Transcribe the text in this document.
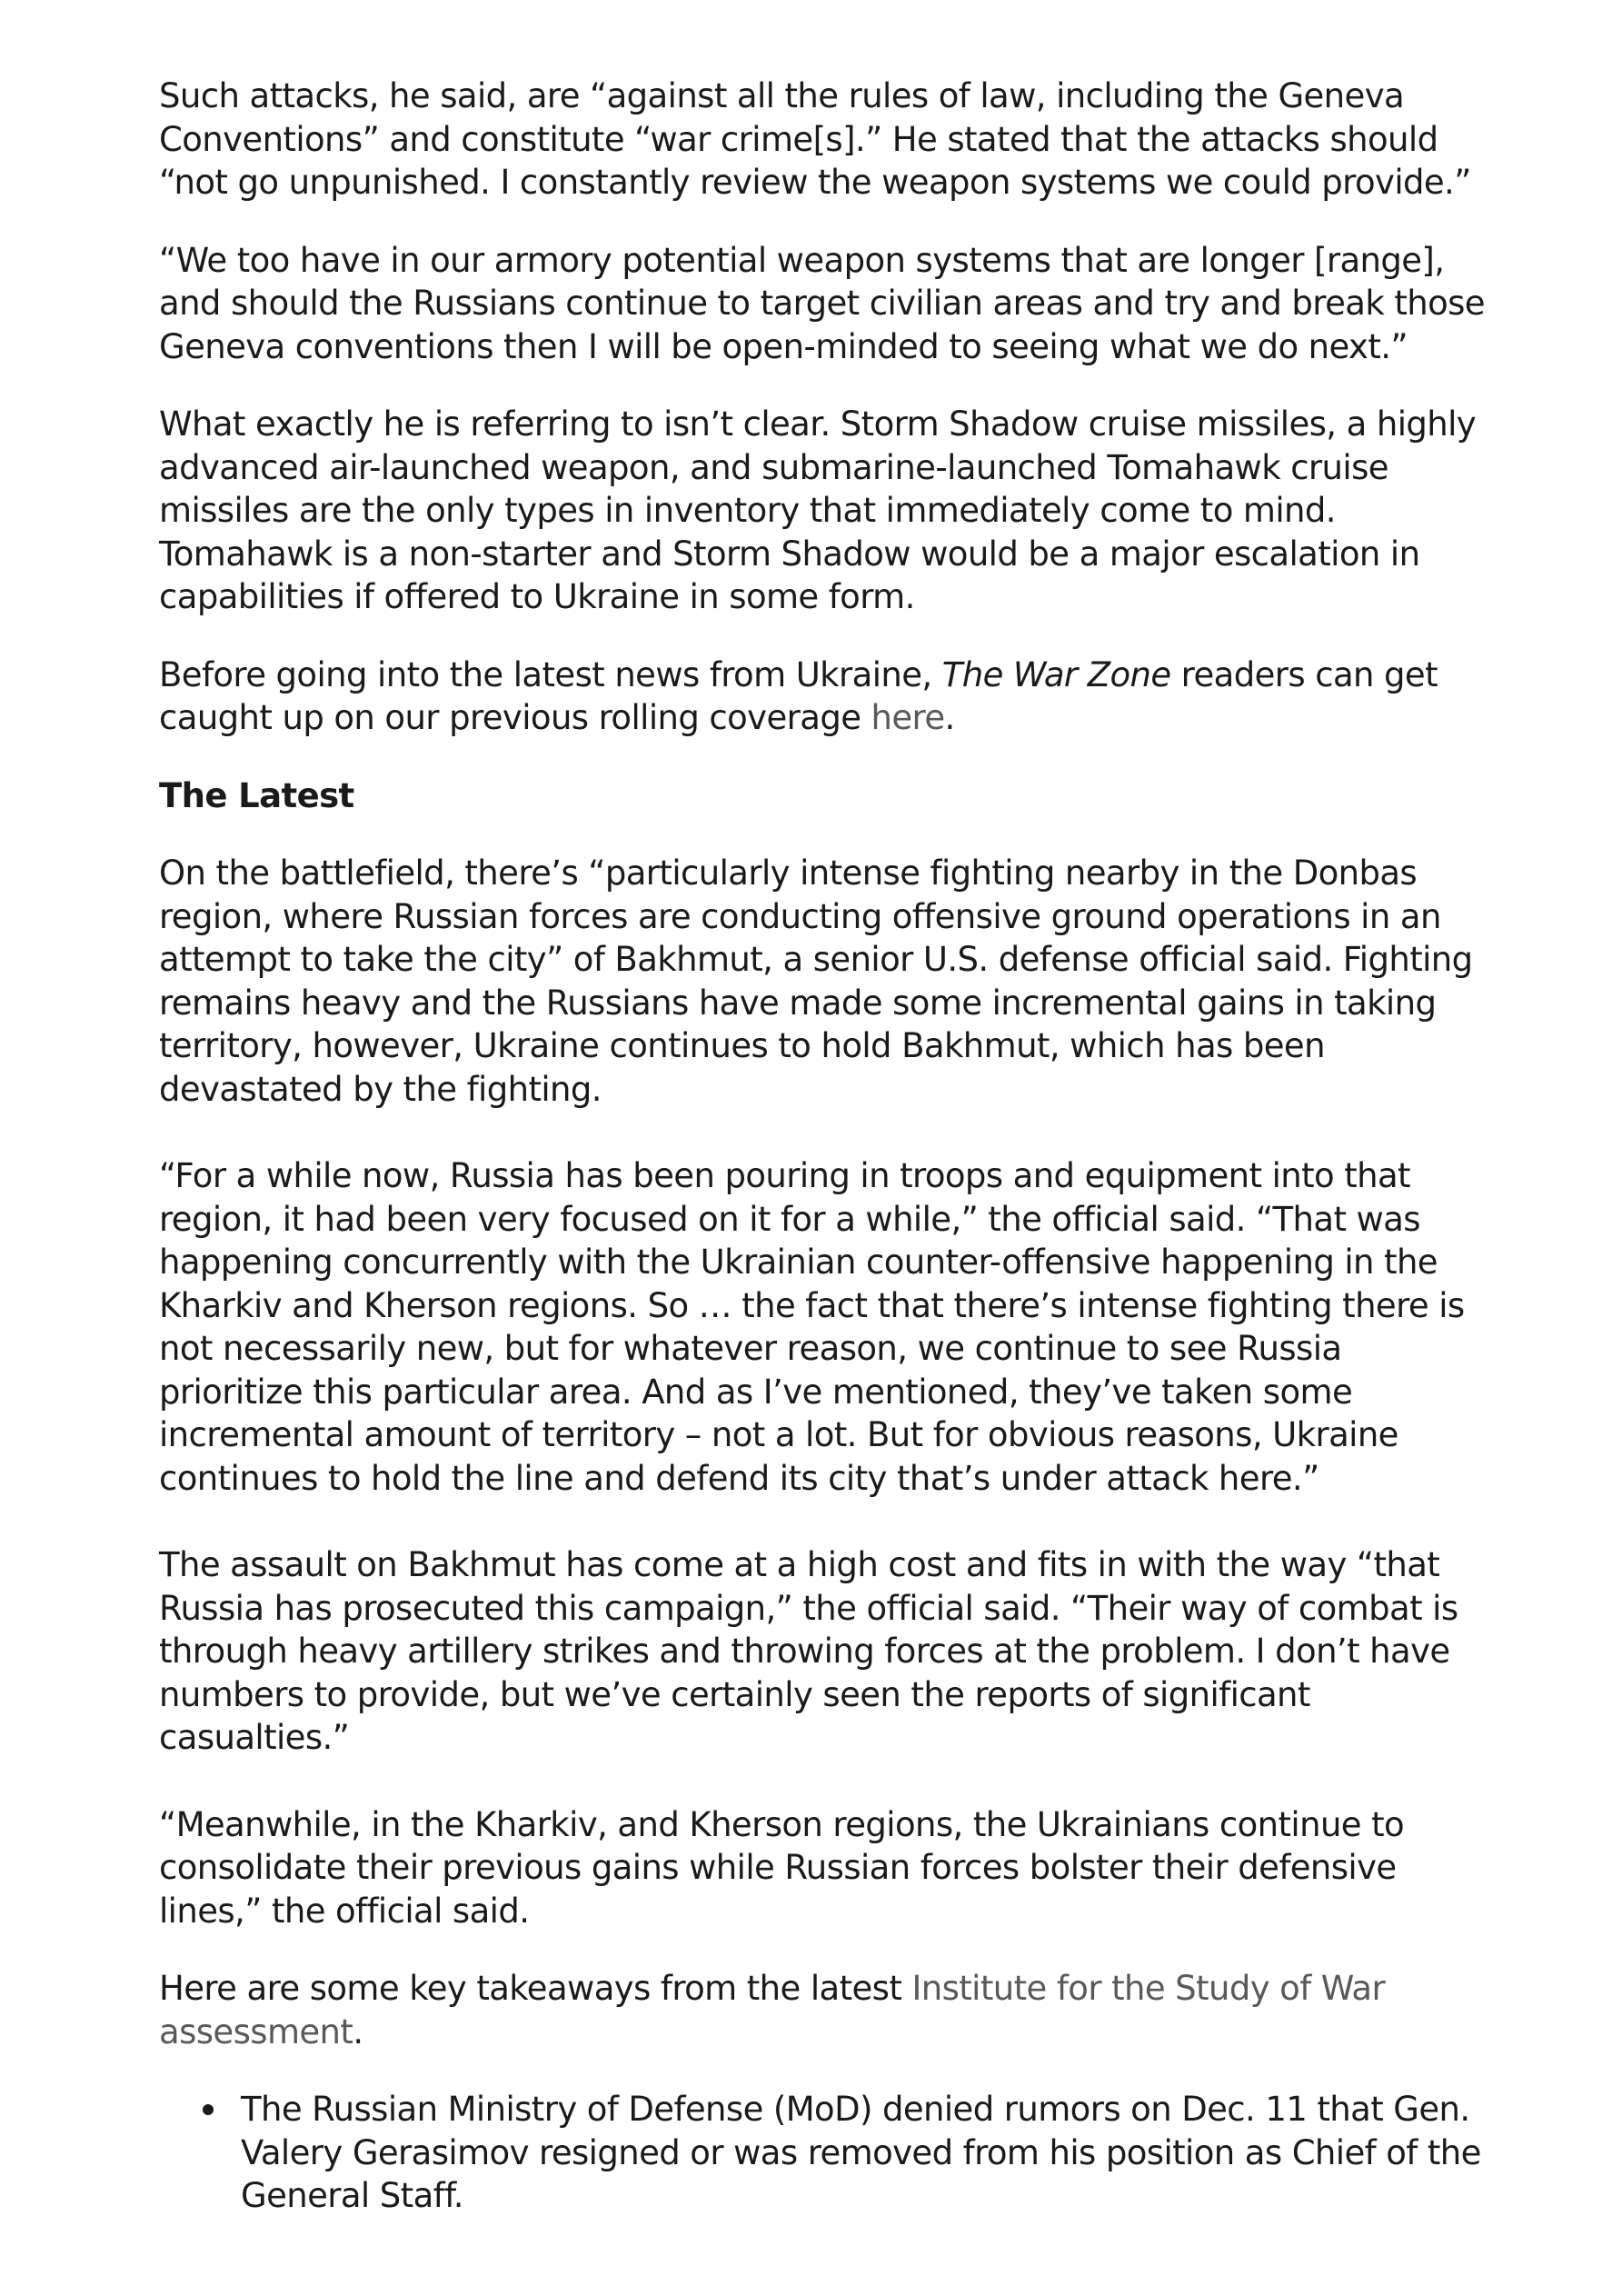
Such attacks, he said, are “against all the rules of law, including the Geneva Conventions” and constitute “war crime[s].” He stated that the attacks should “not go unpunished. I constantly review the weapon systems we could provide.”

“We too have in our armory potential weapon systems that are longer [range], and should the Russians continue to target civilian areas and try and break those Geneva conventions then I will be open-minded to seeing what we do next.”

What exactly he is referring to isn’t clear. Storm Shadow cruise missiles, a highly advanced air-launched weapon, and submarine-launched Tomahawk cruise missiles are the only types in inventory that immediately come to mind. Tomahawk is a non-starter and Storm Shadow would be a major escalation in capabilities if offered to Ukraine in some form.

Before going into the latest news from Ukraine, The War Zone readers can get caught up on our previous rolling coverage here.

The Latest

On the battlefield, there’s “particularly intense fighting nearby in the Donbas region, where Russian forces are conducting offensive ground operations in an attempt to take the city” of Bakhmut, a senior U.S. defense official said. Fighting remains heavy and the Russians have made some incremental gains in taking territory, however, Ukraine continues to hold Bakhmut, which has been devastated by the fighting.

“For a while now, Russia has been pouring in troops and equipment into that region, it had been very focused on it for a while,” the official said. “That was happening concurrently with the Ukrainian counter-offensive happening in the Kharkiv and Kherson regions. So … the fact that there’s intense fighting there is not necessarily new, but for whatever reason, we continue to see Russia prioritize this particular area. And as I’ve mentioned, they’ve taken some incremental amount of territory – not a lot. But for obvious reasons, Ukraine continues to hold the line and defend its city that’s under attack here.”

The assault on Bakhmut has come at a high cost and fits in with the way “that Russia has prosecuted this campaign,” the official said. “Their way of combat is through heavy artillery strikes and throwing forces at the problem. I don’t have numbers to provide, but we’ve certainly seen the reports of significant casualties.”

“Meanwhile, in the Kharkiv, and Kherson regions, the Ukrainians continue to consolidate their previous gains while Russian forces bolster their defensive lines,” the official said.

Here are some key takeaways from the latest Institute for the Study of War assessment.

The Russian Ministry of Defense (MoD) denied rumors on Dec. 11 that Gen. Valery Gerasimov resigned or was removed from his position as Chief of the General Staff.
